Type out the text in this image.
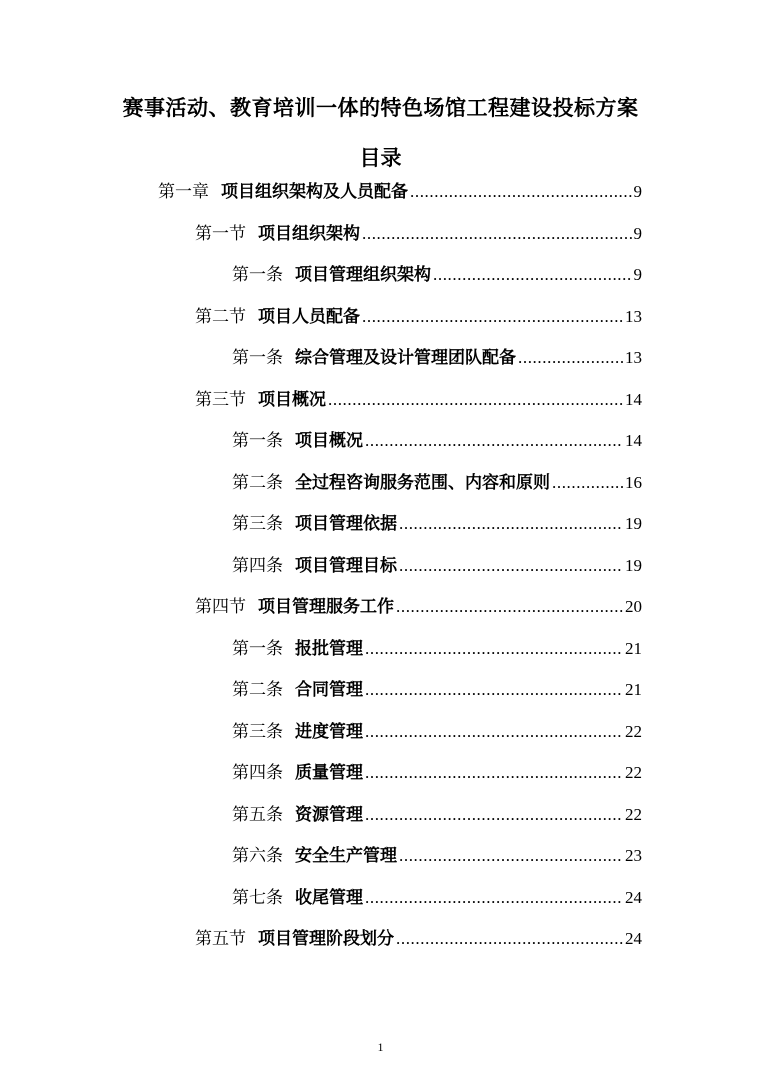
赛事活动、教育培训一体的特色场馆工程建设投标方案
目录
第一章 项目组织架构及人员配备 .....	9
第一节 项目组织架构 .....	9
第一条 项目管理组织架构 .....	9
第二节 项目人员配备 .....	13
第一条 综合管理及设计管理团队配备 .....	13
第三节 项目概况 .....	14
第一条 项目概况 .....	14
第二条 全过程咨询服务范围、内容和原则 .....	16
第三条 项目管理依据 .....	19
第四条 项目管理目标 .....	19
第四节 项目管理服务工作 .....	20
第一条 报批管理 .....	21
第二条 合同管理 .....	21
第三条 进度管理 .....	22
第四条 质量管理 .....	22
第五条 资源管理 .....	22
第六条 安全生产管理 .....	23
第七条 收尾管理 .....	24
第五节 项目管理阶段划分 .....	24
1
